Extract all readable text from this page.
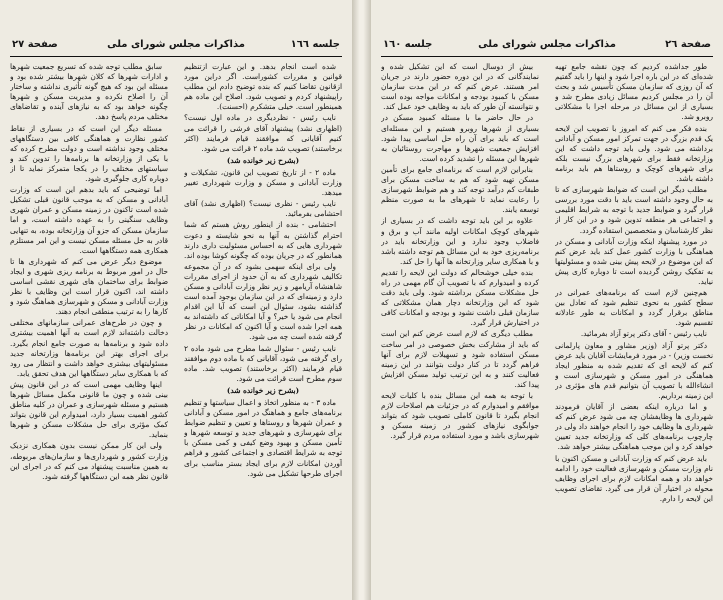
جلسه ١٦٦
مذاكرات مجلس شورای ملی
صفحة ٢٧
شده است انجام بدهد. و این عبارت ازتنظیم قوانین و مقررات کشوراست. اگر دراین مورد ازقانون تقاضا کنیم که بنده توضیح دادم این مطلب راپیشنهاد کردم و تصویب شود. اصلاح این ماده هم همینطور است. خیلی متشکرم (احسنت).
نایب رئیس - نظردیگری در ماده اول نیست؟ (اظهاری نشد) پیشنهاد آقای فرشی را قرائت می کنیم آقایانی که موافقند قیام فرمایند (اکثر برخاستند) تصویب شد ماده ٢ قرائت می شود.
(بشرح زیر خوانده شد)
ماده ٢ - از تاریخ تصویب این قانون، تشکیلات و وزارت آبادانی و مسکن و وزارت شهرداری تغییر میدهد.
نایب رئیس - نظری نیست؟ (اظهاری نشد) آقای احتشامی بفرمائید.
احتشامی - بنده از اینطور روش هستم که شما احترام گذاشتن به آنها به نحو شایسته و دعوت شهرداری هایی که به احساس مسئولیت داری دارند همانطور که در جریان بوده که چگونه کوشا بوده اند.
ولی برای اینکه سهمی بشود که در آن مجموعه تکالیف شهرداری که به آن حدود از اجرای مقررات شاهنشاه آریامهر و زیر نظر وزارت آبادانی و مسکن دارد و زمینه‌ای که در این سازمان بوجود آمده است گذاشته بشود، سئوال این است که آیا این اقدام انجام می شود یا خیر؟ و آیا امکاناتی که داشته‌اند به همه اجرا شده است و آیا اکنون که امکانات در نظر گرفته شده است چه می شود.
نایب رئیس - سئوال شما مطرح می شود ماده ٢ رای گرفته می شود، آقایانی که با ماده دوم موافقند قیام فرمایند (اکثر برخاستند) تصویب شد. ماده سوم مطرح است قرائت می شود.
(بشرح زیر خوانده شد)
ماده ٣ - به منظور اتخاذ و اعمال سیاستها و تنظیم برنامه‌های جامع و هماهنگ در امور مسکن و آبادانی و عمران شهرها و روستاها و تعیین و تنظیم ضوابط برای شهرسازی و شهرهای جدید و توسعه شهرها و تأمین مسکن و بهبود وضع کیفی و کمی مسکن با توجه به شرایط اقتصادی و اجتماعی کشور و فراهم آوردن امکانات لازم برای ایجاد بستر مناسب برای اجرای طرحها تشکیل می شود.
سابق مطلب توجه شده که تسریع جمعیت شهرها و ادارات شهرها که کلان شهرها بیشتر شده بود و مسئله این بود که هیچ گونه تأثیری نداشته و ساختار آن را اصلاح نکرده و مدیریت مسکن و شهرها چگونه خواهد بود که به نیازهای آینده و تقاضاهای مختلف مردم پاسخ دهد.
مسئله دیگر این است که در بسیاری از نقاط کشور نظارت و هماهنگی کافی بین دستگاههای مختلف وجود نداشته است و دولت مطرح کرده که با یکی از وزارتخانه ها برنامه‌ها را تدوین کند و سیاستهای مختلف را در یکجا متمرکز نماید تا از دوباره کاری جلوگیری شود.
اما توضیحی که باید بدهم این است که وزارت آبادانی و مسکن که به موجب قانون قبلی تشکیل شده است تاکنون در زمینه مسکن و عمران شهری وظایف سنگینی را به عهده داشته است، و اما سازمان مسکن که جزو آن وزارتخانه بوده، به تنهایی قادر به حل مسئله مسکن نیست و این امر مستلزم همکاری همه دستگاهها است.
موضوع دیگر عرض می کنم که شهرداری ها تا حال در امور مربوط به برنامه ریزی شهری و ایجاد ضوابط برای ساختمان های شهری نقشی اساسی داشته اند، اکنون قرار است این وظایف با نظر وزارت آبادانی و مسکن و شهرسازی هماهنگ شود و کارها را به ترتیب منطقی انجام دهند.
و چون در طرح‌های عمرانی سازمانهای مختلفی دخالت داشته‌اند لازم است به آنها اهمیت بیشتری داده شود و برنامه‌ها به صورت جامع انجام بگیرد. برای اجرای بهتر این برنامه‌ها وزارتخانه جدید مسئولیتهای بیشتری خواهد داشت و انتظار می رود که با همکاری سایر دستگاهها این هدف تحقق یابد.
اینها وظایف مهمی است که در این قانون پیش بینی شده و چون ما قانونی مکمل مسائل شهرها هستیم و مسئله شهرسازی و عمران در کلیه مناطق کشور اهمیت بسیار دارد، امیدوارم این قانون بتواند کمک مؤثری برای حل مشکلات مسکن و شهرها بنماید.
ولی این کار ممکن نیست بدون همکاری نزدیک وزارت کشور و شهرداری‌ها و سازمان‌های مربوطه، به همین مناسبت پیشنهاد می کنم که در اجرای این قانون نظر همه این دستگاهها گرفته شود.
صفحة ٢٦
مذاكرات مجلس شورای ملی
جلسه ١٦٠
طور جداشده کردیم که چون نقشه جامع تهیه شده‌ای که در این باره اجرا شود و اینها را باید گفتیم که آن روزی که سازمان مسکن تأسیس شد و بحث آن را در مجلس کردیم مسائل زیادی مطرح شد و بسیاری از این مسائل در مرحله اجرا با مشکلاتی روبرو شد.
بنده فکر می کنم که امروز با تصویب این لایحه یک قدم بزرگ در جهت تمرکز امور مسکن و آبادانی برداشته می شود. ولی باید توجه داشت که این وزارتخانه فقط برای شهرهای بزرگ نیست بلکه برای شهرهای کوچک و روستاها هم باید برنامه داشته باشد.
مطلب دیگر این است که ضوابط شهرسازی که تا به حال وجود داشته است باید با دقت مورد بررسی قرار گیرد و ضوابط جدید با توجه به شرایط اقلیمی و اجتماعی هر منطقه تدوین شود و در این کار از نظر کارشناسان و متخصصین استفاده گردد.
در مورد پیشنهاد اینکه وزارت آبادانی و مسکن در هماهنگی با وزارت کشور عمل کند باید عرض کنم که این موضوع در لایحه پیش بینی شده و مسئولیتها به تفکیک روشن گردیده است تا دوباره کاری پیش نیاید.
هم‌چنین لازم است که برنامه‌های عمرانی در سطح کشور به نحوی تنظیم شود که تعادل بین مناطق برقرار گردد و امکانات به طور عادلانه تقسیم شود.
نایب رئیس - آقای دکتر پرتو آزاد بفرمائید.
دکتر پرتو آزاد (وزیر مشاور و معاون پارلمانی نخست وزیر) - در مورد فرمایشات آقایان باید عرض کنم که لایحه ای که تقدیم شده به منظور ایجاد هماهنگی در امور مسکن و شهرسازی است و انشاءالله با تصویب آن بتوانیم قدم های مؤثری در این زمینه برداریم.
و اما درباره اینکه بعضی از آقایان فرمودند شهرداری ها وظایفشان چه می شود عرض کنم که شهرداری ها وظایف خود را انجام خواهند داد ولی در چارچوب برنامه‌های کلی که وزارتخانه جدید تعیین خواهد کرد و این موجب هماهنگی بیشتر خواهد شد.
باید عرض کنم که وزارت آبادانی و مسکن اکنون با نام وزارت مسکن و شهرسازی فعالیت خود را ادامه خواهد داد و همه امکانات لازم برای اجرای وظایف محوله در اختیار آن قرار می گیرد. تقاضای تصویب این لایحه را دارم.
بیش از دوسال است که این تشکیل شده و نمایندگانی که در این دوره حضور دارند در جریان امر هستند. عرض کنم که در این مدت سازمان مسکن با کمبود بودجه و امکانات مواجه بوده است و نتوانسته آن طور که باید به وظایف خود عمل کند.
در حال حاضر ما با مسئله کمبود مسکن در بسیاری از شهرها روبرو هستیم و این مسئله‌ای است که باید برای آن راه حل اساسی پیدا شود. افزایش جمعیت شهرها و مهاجرت روستائیان به شهرها این مسئله را تشدید کرده است.
بنابراین لازم است که برنامه‌ای جامع برای تأمین مسکن تهیه شود که هم به ساخت مسکن برای طبقات کم درآمد توجه کند و هم ضوابط شهرسازی را رعایت نماید تا شهرهای ما به صورت منظم توسعه یابند.
علاوه بر این باید توجه داشت که در بسیاری از شهرهای کوچک امکانات اولیه مانند آب و برق و فاضلاب وجود ندارد و این وزارتخانه باید در برنامه‌ریزی خود به این مسائل هم توجه داشته باشد و با همکاری سایر وزارتخانه ها آنها را حل کند.
بنده خیلی خوشحالم که دولت این لایحه را تقدیم کرده و امیدوارم که با تصویب آن گام مهمی در راه حل مشکلات مسکن برداشته شود. ولی باید دقت شود که این وزارتخانه دچار همان مشکلاتی که سازمان قبلی داشت نشود و بودجه و امکانات کافی در اختیارش قرار گیرد.
مطلب دیگری که لازم است عرض کنم این است که باید از مشارکت بخش خصوصی در امر ساخت مسکن استفاده شود و تسهیلات لازم برای آنها فراهم گردد تا در کنار دولت بتوانند در این زمینه فعالیت کنند و به این ترتیب تولید مسکن افزایش پیدا کند.
با توجه به همه این مسائل بنده با کلیات لایحه موافقم و امیدوارم که در جزئیات هم اصلاحات لازم انجام بگیرد تا قانون کاملی تصویب شود که بتواند جوابگوی نیازهای کشور در زمینه مسکن و شهرسازی باشد و مورد استفاده مردم قرار گیرد.
